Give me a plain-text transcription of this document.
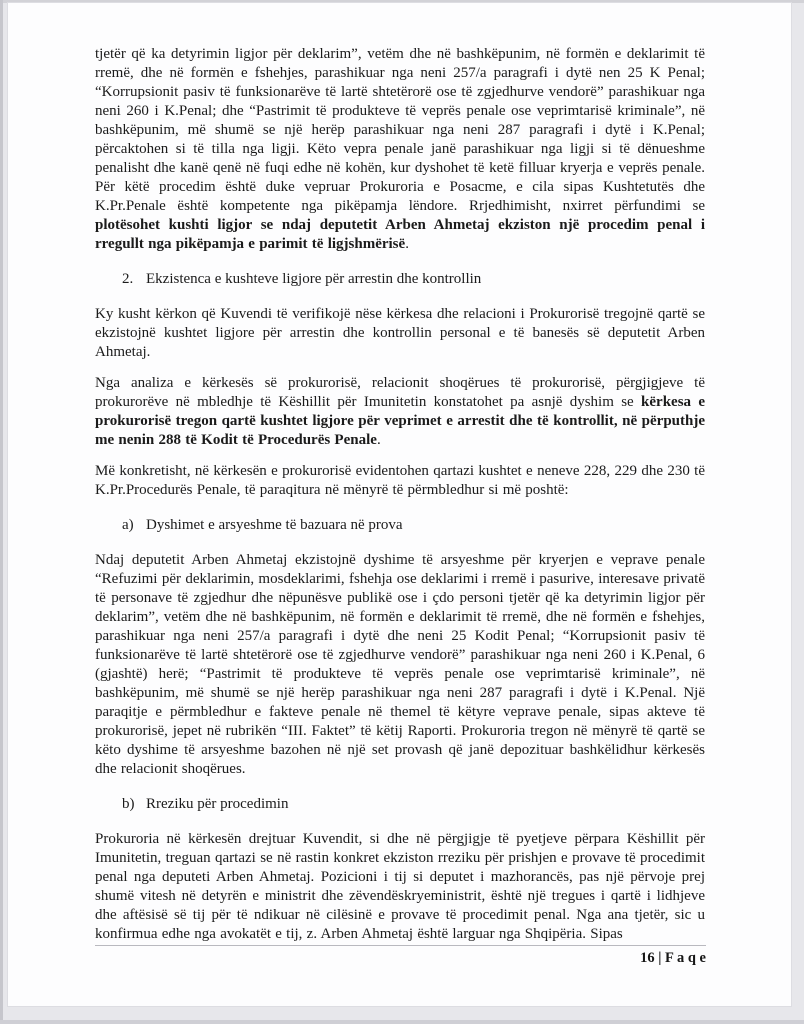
tjetër që ka detyrimin ligjor për deklarim”, vetëm dhe në bashkëpunim, në formën e deklarimit të rremë, dhe në formën e fshehjes, parashikuar nga neni 257/a paragrafi i dytë nen 25 K Penal; “Korrupsionit pasiv të funksionarëve të lartë shtetërorë ose të zgjedhurve vendorë” parashikuar nga neni 260 i K.Penal; dhe “Pastrimit të produkteve të veprës penale ose veprimtarisë kriminale”, në bashkëpunim, më shumë se një herëp parashikuar nga neni 287 paragrafi i dytë i K.Penal; përcaktohen si të tilla nga ligji. Këto vepra penale janë parashikuar nga ligji si të dënueshme penalisht dhe kanë qenë në fuqi edhe në kohën, kur dyshohet të ketë filluar kryerja e veprës penale. Për këtë procedim është duke vepruar Prokuroria e Posacme, e cila sipas Kushtetutës dhe K.Pr.Penale është kompetente nga pikëpamja lëndore. Rrjedhimisht, nxirret përfundimi se plotësohet kushti ligjor se ndaj deputetit Arben Ahmetaj ekziston një procedim penal i rregullt nga pikëpamja e parimit të ligjshmërisë.

2. Ekzistenca e kushteve ligjore për arrestin dhe kontrollin

Ky kusht kërkon që Kuvendi të verifikojë nëse kërkesa dhe relacioni i Prokurorisë tregojnë qartë se ekzistojnë kushtet ligjore për arrestin dhe kontrollin personal e të banesës së deputetit Arben Ahmetaj.

Nga analiza e kërkesës së prokurorisë, relacionit shoqërues të prokurorisë, përgjigjeve të prokurorëve në mbledhje të Këshillit për Imunitetin konstatohet pa asnjë dyshim se kërkesa e prokurorisë tregon qartë kushtet ligjore për veprimet e arrestit dhe të kontrollit, në përputhje me nenin 288 të Kodit të Procedurës Penale.

Më konkretisht, në kërkesën e prokurorisë evidentohen qartazi kushtet e neneve 228, 229 dhe 230 të K.Pr.Procedurës Penale, të paraqitura në mënyrë të përmbledhur si më poshtë:

a) Dyshimet e arsyeshme të bazuara në prova

Ndaj deputetit Arben Ahmetaj ekzistojnë dyshime të arsyeshme për kryerjen e veprave penale “Refuzimi për deklarimin, mosdeklarimi, fshehja ose deklarimi i rremë i pasurive, interesave privatë të personave të zgjedhur dhe nëpunësve publikë ose i çdo personi tjetër që ka detyrimin ligjor për deklarim”, vetëm dhe në bashkëpunim, në formën e deklarimit të rremë, dhe në formën e fshehjes, parashikuar nga neni 257/a paragrafi i dytë dhe neni 25 Kodit Penal; “Korrupsionit pasiv të funksionarëve të lartë shtetërorë ose të zgjedhurve vendorë” parashikuar nga neni 260 i K.Penal, 6 (gjashtë) herë; “Pastrimit të produkteve të veprës penale ose veprimtarisë kriminale”, në bashkëpunim, më shumë se një herëp parashikuar nga neni 287 paragrafi i dytë i K.Penal. Një paraqitje e përmbledhur e fakteve penale në themel të këtyre veprave penale, sipas akteve të prokurorisë, jepet në rubrikën “III. Faktet” të këtij Raporti. Prokuroria tregon në mënyrë të qartë se këto dyshime të arsyeshme bazohen në një set provash që janë depozituar bashkëlidhur kërkesës dhe relacionit shoqërues.

b) Rreziku për procedimin

Prokuroria në kërkesën drejtuar Kuvendit, si dhe në përgjigje të pyetjeve përpara Këshillit për Imunitetin, treguan qartazi se në rastin konkret ekziston rreziku për prishjen e provave të procedimit penal nga deputeti Arben Ahmetaj. Pozicioni i tij si deputet i mazhorancës, pas një përvoje prej shumë vitesh në detyrën e ministrit dhe zëvendëskryeministrit, është një tregues i qartë i lidhjeve dhe aftësisë së tij për të ndikuar në cilësinë e provave të procedimit penal. Nga ana tjetër, sic u konfirmua edhe nga avokatët e tij, z. Arben Ahmetaj është larguar nga Shqipëria. Sipas

16 | F a q e
